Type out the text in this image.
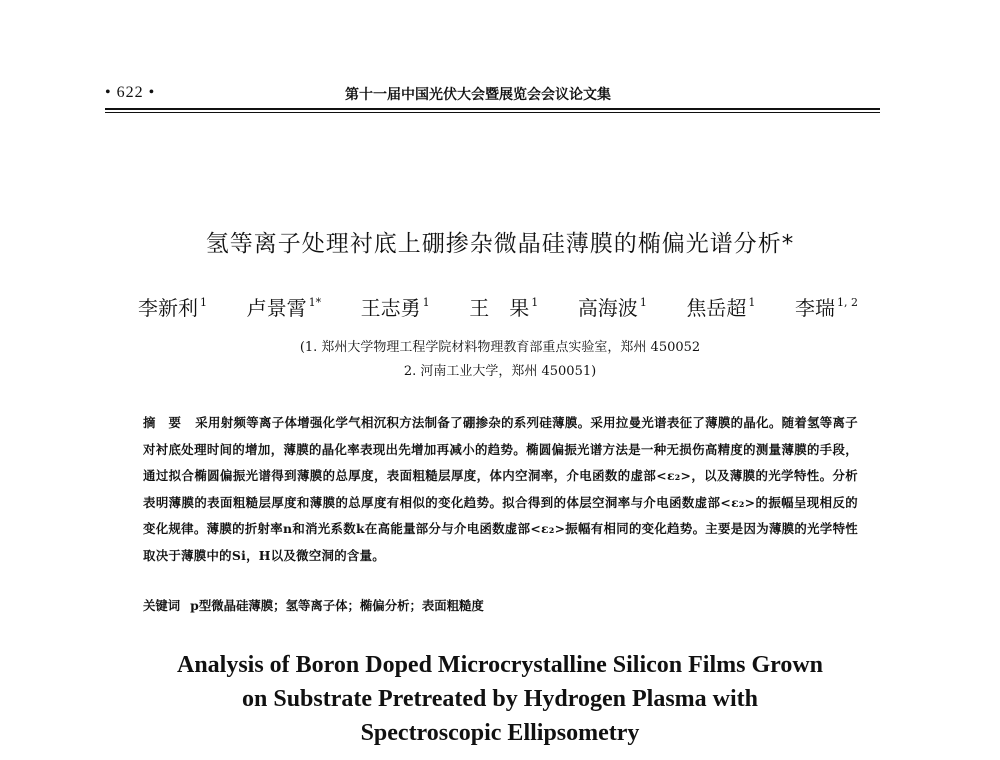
• 622 •	第十一届中国光伏大会暨展览会会议论文集
氢等离子处理衬底上硼掺杂微晶硅薄膜的椭偏光谱分析*
李新利 $^1$ 卢景霄 $^{1*}$ 王志勇 $^1$ 王　果 $^1$ 高海波 $^1$ 焦岳超 $^1$ 李瑞 $^{1, 2}$
(1. 郑州大学物理工程学院材料物理教育部重点实验室，郑州 450052
2. 河南工业大学，郑州 450051)
摘　要 采用射频等离子体增强化学气相沉积方法制备了硼掺杂的系列硅薄膜。采用拉曼光谱表征了薄膜的晶化。随着氢等离子对衬底处理时间的增加，薄膜的晶化率表现出先增加再减小的趋势。椭圆偏振光谱方法是一种无损伤高精度的测量薄膜的手段，通过拟合椭圆偏振光谱得到薄膜的总厚度，表面粗糙层厚度，体内空洞率，介电函数的虚部<ε₂>，以及薄膜的光学特性。分析表明薄膜的表面粗糙层厚度和薄膜的总厚度有相似的变化趋势。拟合得到的体层空洞率与介电函数虚部<ε₂>的振幅呈现相反的变化规律。薄膜的折射率n和消光系数k在高能量部分与介电函数虚部<ε₂>振幅有相同的变化趋势。主要是因为薄膜的光学特性取决于薄膜中的Si，H以及微空洞的含量。
关键词 p型微晶硅薄膜；氢等离子体；椭偏分析；表面粗糙度
Analysis of Boron Doped Microcrystalline Silicon Films Grown
on Substrate Pretreated by Hydrogen Plasma with
Spectroscopic Ellipsometry
